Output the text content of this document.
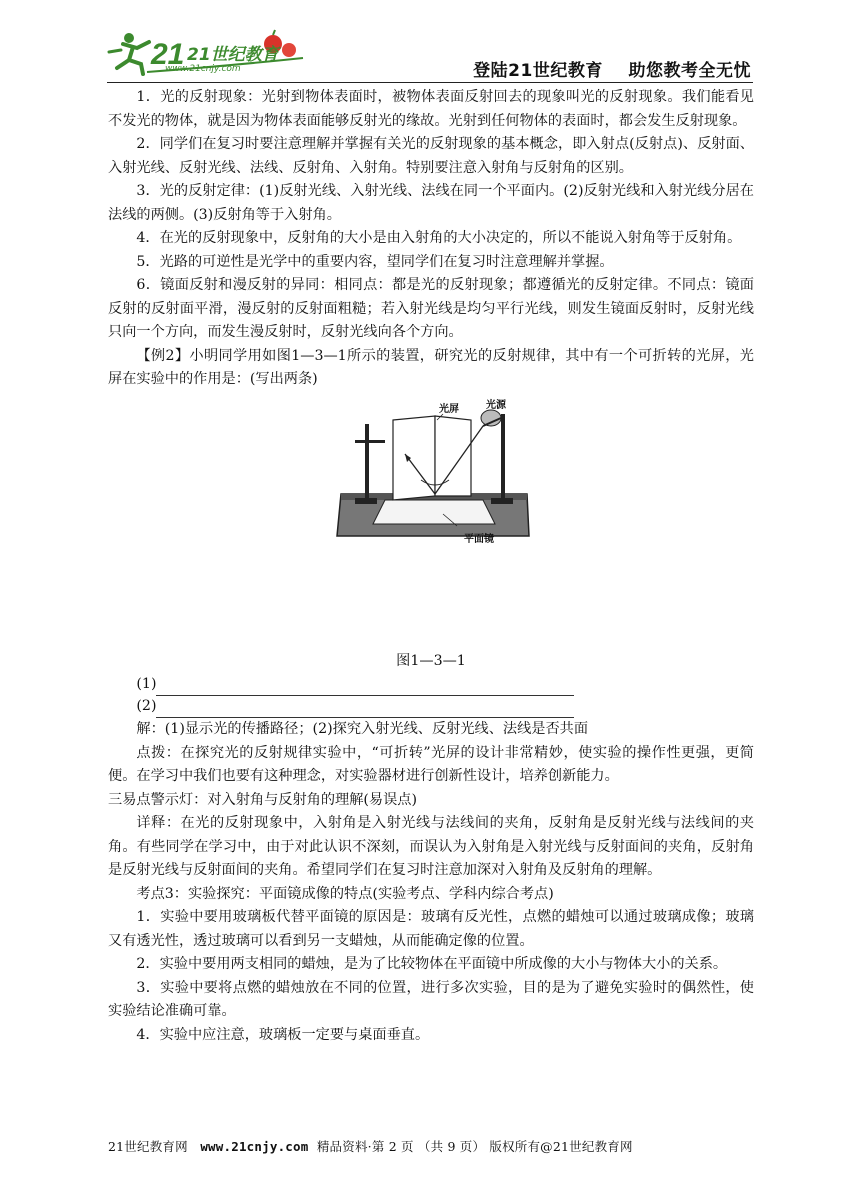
21 21世纪教育
www.21cnjy.com	登陆21世纪教育    助您教考全无忧

1．光的反射现象：光射到物体表面时，被物体表面反射回去的现象叫光的反射现象。我们能看见不发光的物体，就是因为物体表面能够反射光的缘故。光射到任何物体的表面时，都会发生反射现象。

2．同学们在复习时要注意理解并掌握有关光的反射现象的基本概念，即入射点(反射点)、反射面、入射光线、反射光线、法线、反射角、入射角。特别要注意入射角与反射角的区别。

3．光的反射定律：(1)反射光线、入射光线、法线在同一个平面内。(2)反射光线和入射光线分居在法线的两侧。(3)反射角等于入射角。

4．在光的反射现象中，反射角的大小是由入射角的大小决定的，所以不能说入射角等于反射角。

5．光路的可逆性是光学中的重要内容，望同学们在复习时注意理解并掌握。

6．镜面反射和漫反射的异同：相同点：都是光的反射现象；都遵循光的反射定律。不同点：镜面反射的反射面平滑，漫反射的反射面粗糙；若入射光线是均匀平行光线，则发生镜面反射时，反射光线只向一个方向，而发生漫反射时，反射光线向各个方向。

【例2】小明同学用如图1—3—1所示的装置，研究光的反射规律，其中有一个可折转的光屏，光屏在实验中的作用是：(写出两条)

光屏	光源
平面镜

图1—3—1

(1)
(2)

解：(1)显示光的传播路径；(2)探究入射光线、反射光线、法线是否共面

点拨：在探究光的反射规律实验中，“可折转”光屏的设计非常精妙，使实验的操作性更强，更简便。在学习中我们也要有这种理念，对实验器材进行创新性设计，培养创新能力。

三易点警示灯：对入射角与反射角的理解(易误点)

详释：在光的反射现象中，入射角是入射光线与法线间的夹角，反射角是反射光线与法线间的夹角。有些同学在学习中，由于对此认识不深刻，而误认为入射角是入射光线与反射面间的夹角，反射角是反射光线与反射面间的夹角。希望同学们在复习时注意加深对入射角及反射角的理解。

考点3：实验探究：平面镜成像的特点(实验考点、学科内综合考点)

1．实验中要用玻璃板代替平面镜的原因是：玻璃有反光性，点燃的蜡烛可以通过玻璃成像；玻璃又有透光性，透过玻璃可以看到另一支蜡烛，从而能确定像的位置。

2．实验中要用两支相同的蜡烛，是为了比较物体在平面镜中所成像的大小与物体大小的关系。

3．实验中要将点燃的蜡烛放在不同的位置，进行多次实验，目的是为了避免实验时的偶然性，使实验结论准确可靠。

4．实验中应注意，玻璃板一定要与桌面垂直。

21世纪教育网   www.21cnjy.com  精品资料·第 2 页 （共 9 页） 版权所有@21世纪教育网
